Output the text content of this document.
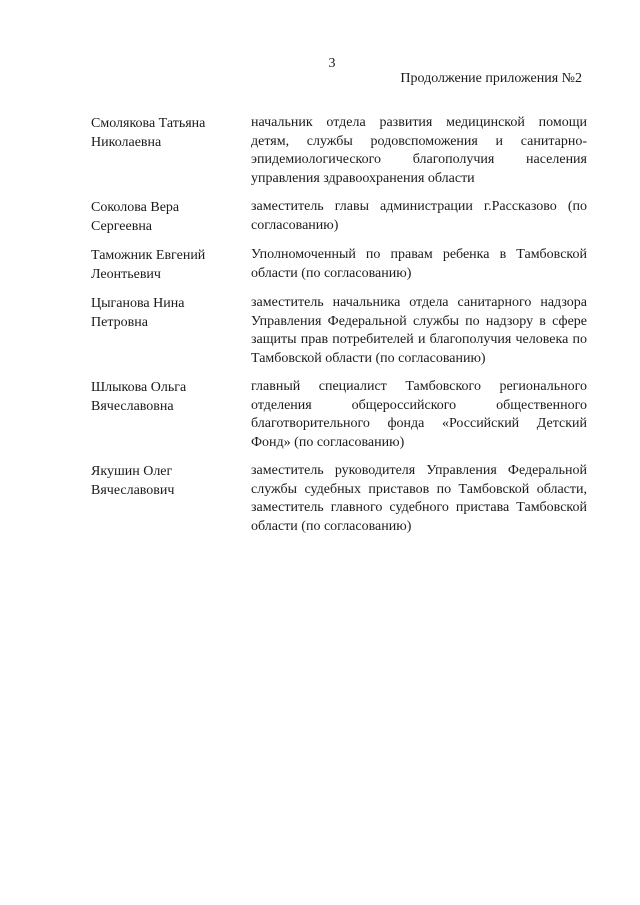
3
Продолжение приложения №2
Смолякова Татьяна
Николаевна
начальник отдела развития медицинской помощи детям, службы родовспоможения и санитарно-эпидемиологического благополучия населения управления здравоохранения области
Соколова Вера
Сергеевна
заместитель главы администрации г.Рассказово (по согласованию)
Таможник Евгений
Леонтьевич
Уполномоченный по правам ребенка в Тамбовской области (по согласованию)
Цыганова Нина
Петровна
заместитель начальника отдела санитарного надзора Управления Федеральной службы по надзору в сфере защиты прав потребителей и благополучия человека по Тамбовской области (по согласованию)
Шлыкова Ольга
Вячеславовна
главный специалист Тамбовского регионального отделения общероссийского общественного благотворительного фонда «Российский Детский Фонд» (по согласованию)
Якушин Олег
Вячеславович
заместитель руководителя Управления Федеральной службы судебных приставов по Тамбовской области, заместитель главного судебного пристава Тамбовской области (по согласованию)
